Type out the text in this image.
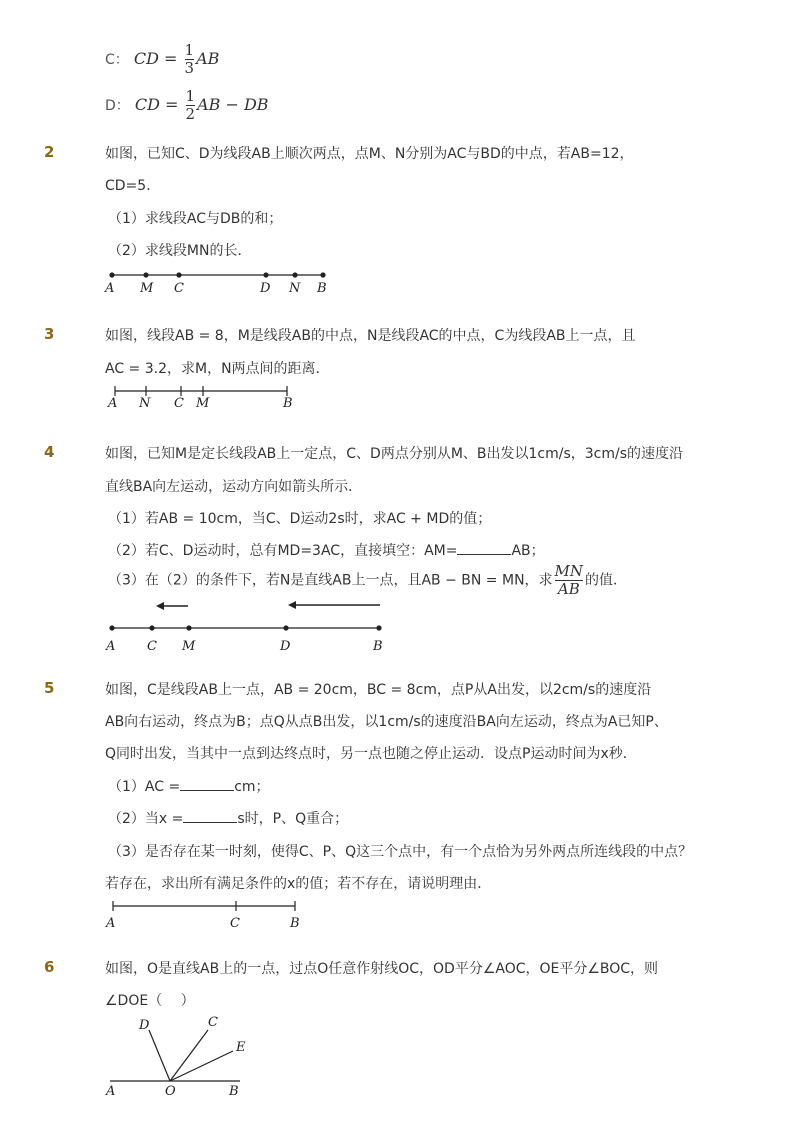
C： CD = $\frac{1}{3}$ AB
D： CD = $\frac{1}{2}$ AB − DB
2	如图，已知C、D为线段AB上顺次两点，点M、N分别为AC与BD的中点，若AB=12，
CD=5．
（1）求线段AC与DB的和；
（2）求线段MN的长．
A M C	D N B
3	如图，线段AB = 8，M是线段AB的中点，N是线段AC的中点，C为线段AB上一点，且
AC = 3.2，求M，N两点间的距离．
A N C M	B
4	如图，已知M是定长线段AB上一定点，C、D两点分别从M、B出发以1cm/s，3cm/s的速度沿
直线BA向左运动，运动方向如箭头所示．
（1）若AB = 10cm，当C、D运动2s时，求AC + MD的值；
（2）若C、D运动时，总有MD=3AC，直接填空：AM=	AB；
（3）在（2）的条件下，若N是直线AB上一点，且AB − BN = MN，求 $\frac{MN}{AB}$ 的值．
A C M	D	B
5	如图，C是线段AB上一点，AB = 20cm，BC = 8cm，点P从A出发，以2cm/s的速度沿
AB向右运动，终点为B；点Q从点B出发，以1cm/s的速度沿BA向左运动，终点为A已知P、
Q同时出发，当其中一点到达终点时，另一点也随之停止运动．设点P运动时间为x秒．
（1）AC =	cm；
（2）当x =	s时，P、Q重合；
（3）是否存在某一时刻，使得C、P、Q这三个点中，有一个点恰为另外两点所连线段的中点？
若存在，求出所有满足条件的x的值；若不存在，请说明理由．
A	C	B
6	如图，O是直线AB上的一点，过点O任意作射线OC，OD平分∠AOC，OE平分∠BOC，则
∠DOE（　 ）
D	C
E
A	O	B
